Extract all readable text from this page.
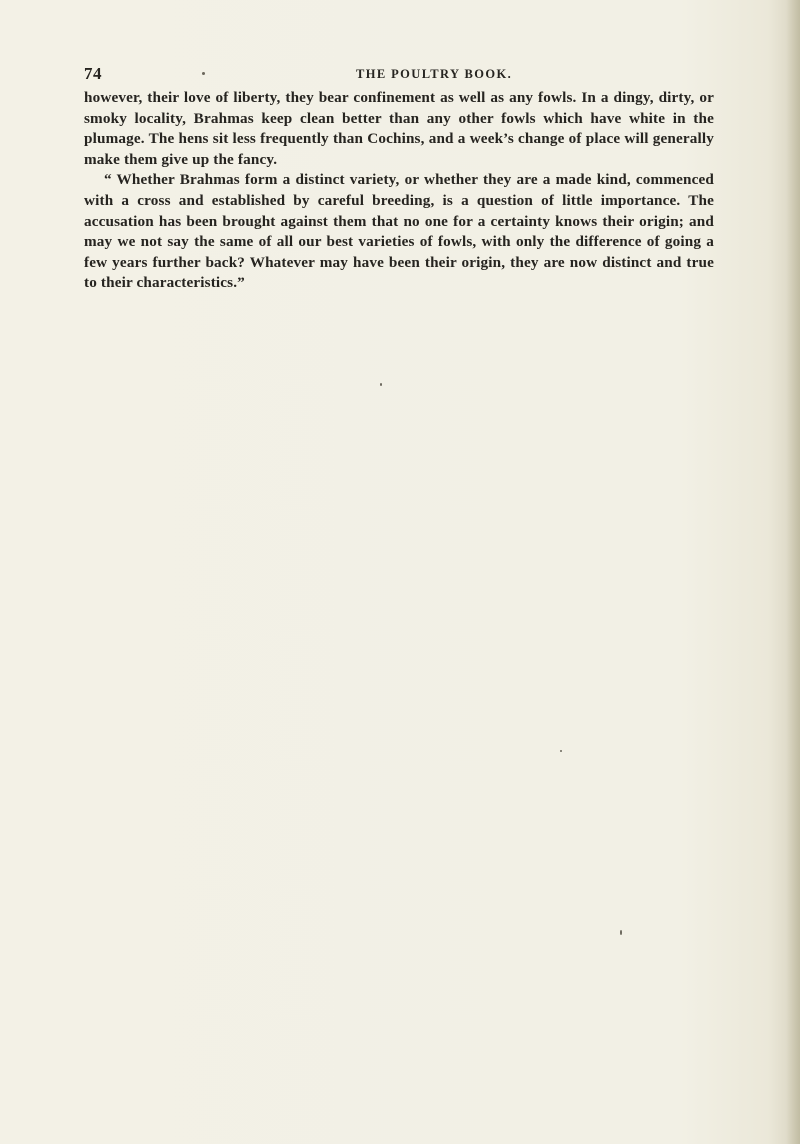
74	THE POULTRY BOOK.

however, their love of liberty, they bear confinement as well as any fowls. In a dingy, dirty, or smoky locality, Brahmas keep clean better than any other fowls which have white in the plumage. The hens sit less frequently than Cochins, and a week’s change of place will generally make them give up the fancy.

“ Whether Brahmas form a distinct variety, or whether they are a made kind, commenced with a cross and established by careful breeding, is a question of little importance. The accusation has been brought against them that no one for a certainty knows their origin; and may we not say the same of all our best varieties of fowls, with only the difference of going a few years further back? Whatever may have been their origin, they are now distinct and true to their characteristics.”
